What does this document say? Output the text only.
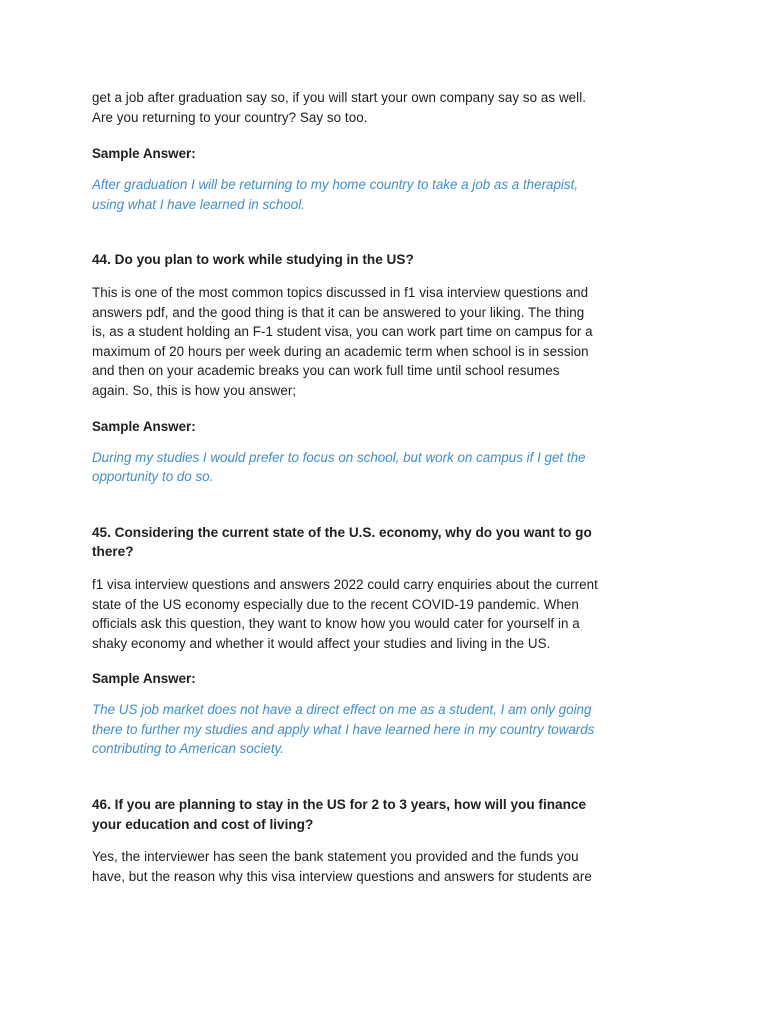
get a job after graduation say so, if you will start your own company say so as well.
Are you returning to your country? Say so too.
Sample Answer:
After graduation I will be returning to my home country to take a job as a therapist,
using what I have learned in school.
44. Do you plan to work while studying in the US?
This is one of the most common topics discussed in f1 visa interview questions and
answers pdf, and the good thing is that it can be answered to your liking. The thing
is, as a student holding an F-1 student visa, you can work part time on campus for a
maximum of 20 hours per week during an academic term when school is in session
and then on your academic breaks you can work full time until school resumes
again. So, this is how you answer;
Sample Answer:
During my studies I would prefer to focus on school, but work on campus if I get the
opportunity to do so.
45. Considering the current state of the U.S. economy, why do you want to go
there?
f1 visa interview questions and answers 2022 could carry enquiries about the current
state of the US economy especially due to the recent COVID-19 pandemic. When
officials ask this question, they want to know how you would cater for yourself in a
shaky economy and whether it would affect your studies and living in the US.
Sample Answer:
The US job market does not have a direct effect on me as a student, I am only going
there to further my studies and apply what I have learned here in my country towards
contributing to American society.
46. If you are planning to stay in the US for 2 to 3 years, how will you finance
your education and cost of living?
Yes, the interviewer has seen the bank statement you provided and the funds you
have, but the reason why this visa interview questions and answers for students are
